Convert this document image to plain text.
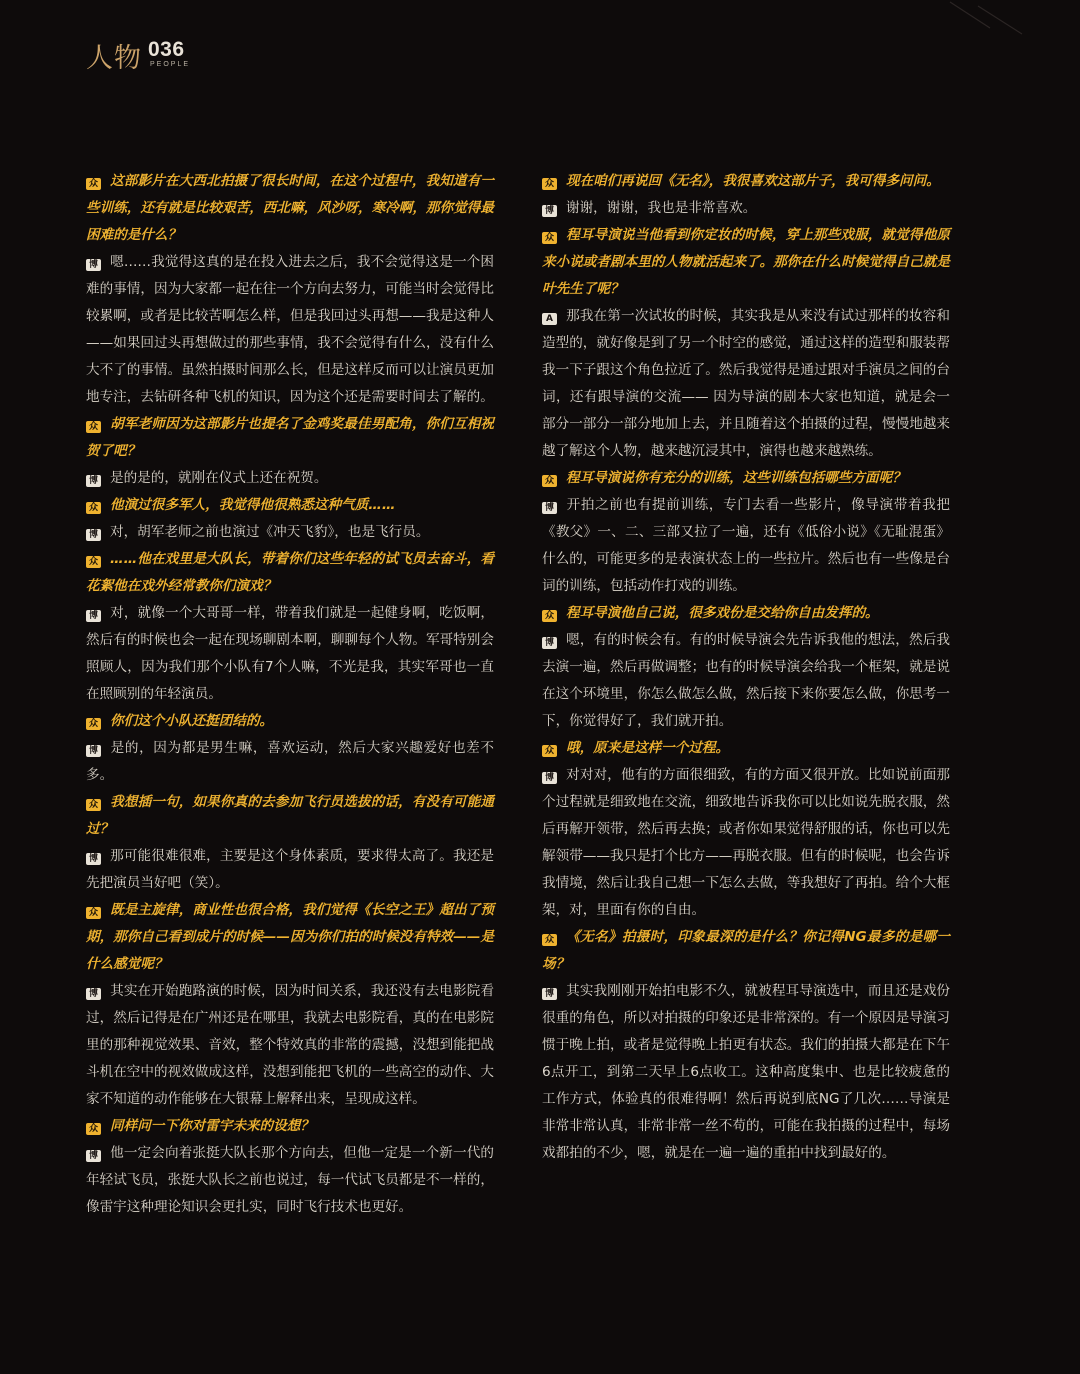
人物 036
PEOPLE

众 这部影片在大西北拍摄了很长时间，在这个过程中，我知道有一些训练，还有就是比较艰苦，西北嘛，风沙呀，寒冷啊，那你觉得最困难的是什么？

博 嗯……我觉得这真的是在投入进去之后，我不会觉得这是一个困难的事情，因为大家都一起在往一个方向去努力，可能当时会觉得比较累啊，或者是比较苦啊怎么样，但是我回过头再想——我是这种人——如果回过头再想做过的那些事情，我不会觉得有什么，没有什么大不了的事情。虽然拍摄时间那么长，但是这样反而可以让演员更加地专注，去钻研各种飞机的知识，因为这个还是需要时间去了解的。

众 胡军老师因为这部影片也提名了金鸡奖最佳男配角，你们互相祝贺了吧？

博 是的是的，就刚在仪式上还在祝贺。

众 他演过很多军人，我觉得他很熟悉这种气质……

博 对，胡军老师之前也演过《冲天飞豹》，也是飞行员。

众 ……他在戏里是大队长，带着你们这些年轻的试飞员去奋斗，看花絮他在戏外经常教你们演戏？

博 对，就像一个大哥哥一样，带着我们就是一起健身啊，吃饭啊，然后有的时候也会一起在现场聊剧本啊，聊聊每个人物。军哥特别会照顾人，因为我们那个小队有7个人嘛，不光是我，其实军哥也一直在照顾别的年轻演员。

众 你们这个小队还挺团结的。

博 是的，因为都是男生嘛，喜欢运动，然后大家兴趣爱好也差不多。

众 我想插一句，如果你真的去参加飞行员选拔的话，有没有可能通过？

博 那可能很难很难，主要是这个身体素质，要求得太高了。我还是先把演员当好吧（笑）。

众 既是主旋律，商业性也很合格，我们觉得《长空之王》超出了预期，那你自己看到成片的时候——因为你们拍的时候没有特效——是什么感觉呢？

博 其实在开始跑路演的时候，因为时间关系，我还没有去电影院看过，然后记得是在广州还是在哪里，我就去电影院看，真的在电影院里的那种视觉效果、音效，整个特效真的非常的震撼，没想到能把战斗机在空中的视效做成这样，没想到能把飞机的一些高空的动作、大家不知道的动作能够在大银幕上解释出来，呈现成这样。

众 同样问一下你对雷宇未来的设想？

博 他一定会向着张挺大队长那个方向去，但他一定是一个新一代的年轻试飞员，张挺大队长之前也说过，每一代试飞员都是不一样的，像雷宇这种理论知识会更扎实，同时飞行技术也更好。

众 现在咱们再说回《无名》，我很喜欢这部片子，我可得多问问。

博 谢谢，谢谢，我也是非常喜欢。

众 程耳导演说当他看到你定妆的时候，穿上那些戏服，就觉得他原来小说或者剧本里的人物就活起来了。那你在什么时候觉得自己就是叶先生了呢？

A 那我在第一次试妆的时候，其实我是从来没有试过那样的妆容和造型的，就好像是到了另一个时空的感觉，通过这样的造型和服装帮我一下子跟这个角色拉近了。然后我觉得是通过跟对手演员之间的台词，还有跟导演的交流—— 因为导演的剧本大家也知道，就是会一部分一部分一部分地加上去，并且随着这个拍摄的过程，慢慢地越来越了解这个人物，越来越沉浸其中，演得也越来越熟练。

众 程耳导演说你有充分的训练，这些训练包括哪些方面呢？

博 开拍之前也有提前训练，专门去看一些影片，像导演带着我把《教父》一、二、三部又拉了一遍，还有《低俗小说》《无耻混蛋》什么的，可能更多的是表演状态上的一些拉片。然后也有一些像是台词的训练，包括动作打戏的训练。

众 程耳导演他自己说，很多戏份是交给你自由发挥的。

博 嗯，有的时候会有。有的时候导演会先告诉我他的想法，然后我去演一遍，然后再做调整；也有的时候导演会给我一个框架，就是说在这个环境里，你怎么做怎么做，然后接下来你要怎么做，你思考一下，你觉得好了，我们就开拍。

众 哦，原来是这样一个过程。

博 对对对，他有的方面很细致，有的方面又很开放。比如说前面那个过程就是细致地在交流，细致地告诉我你可以比如说先脱衣服，然后再解开领带，然后再去换；或者你如果觉得舒服的话，你也可以先解领带——我只是打个比方——再脱衣服。但有的时候呢，也会告诉我情境，然后让我自己想一下怎么去做，等我想好了再拍。给个大框架，对，里面有你的自由。

众 《无名》拍摄时，印象最深的是什么？你记得NG最多的是哪一场？

博 其实我刚刚开始拍电影不久，就被程耳导演选中，而且还是戏份很重的角色，所以对拍摄的印象还是非常深的。有一个原因是导演习惯于晚上拍，或者是觉得晚上拍更有状态。我们的拍摄大都是在下午6点开工，到第二天早上6点收工。这种高度集中、也是比较疲惫的工作方式，体验真的很难得啊！然后再说到底NG了几次……导演是非常非常认真，非常非常一丝不苟的，可能在我拍摄的过程中，每场戏都拍的不少，嗯，就是在一遍一遍的重拍中找到最好的。
